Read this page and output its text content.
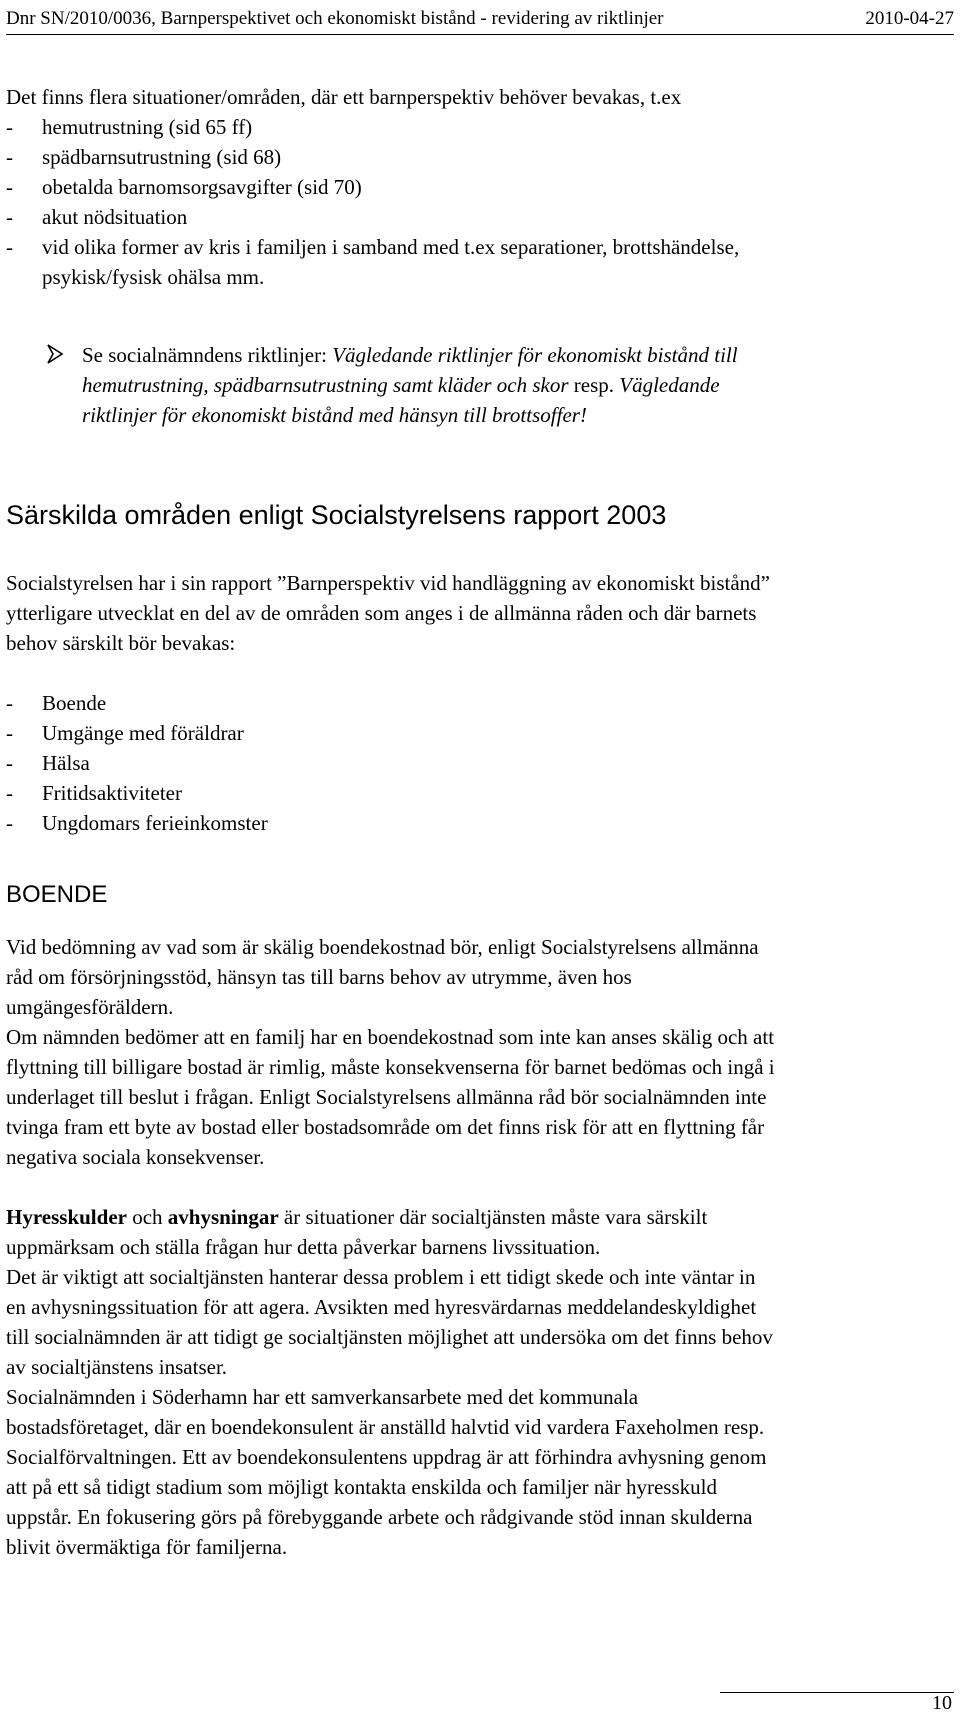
Dnr SN/2010/0036, Barnperspektivet och ekonomiskt bistånd - revidering av riktlinjer	2010-04-27
Det finns flera situationer/områden, där ett barnperspektiv behöver bevakas, t.ex
- hemutrustning (sid 65 ff)
- spädbarnsutrustning (sid 68)
- obetalda barnomsorgsavgifter (sid 70)
- akut nödsituation
- vid olika former av kris i familjen i samband med t.ex separationer, brottshändelse,
psykisk/fysisk ohälsa mm.
Se socialnämndens riktlinjer: Vägledande riktlinjer för ekonomiskt bistånd till
hemutrustning, spädbarnsutrustning samt kläder och skor resp. Vägledande
riktlinjer för ekonomiskt bistånd med hänsyn till brottsoffer!
Särskilda områden enligt Socialstyrelsens rapport 2003
Socialstyrelsen har i sin rapport ”Barnperspektiv vid handläggning av ekonomiskt bistånd”
ytterligare utvecklat en del av de områden som anges i de allmänna råden och där barnets
behov särskilt bör bevakas:
- Boende
- Umgänge med föräldrar
- Hälsa
- Fritidsaktiviteter
- Ungdomars ferieinkomster
BOENDE
Vid bedömning av vad som är skälig boendekostnad bör, enligt Socialstyrelsens allmänna
råd om försörjningsstöd, hänsyn tas till barns behov av utrymme, även hos
umgängesföräldern.
Om nämnden bedömer att en familj har en boendekostnad som inte kan anses skälig och att
flyttning till billigare bostad är rimlig, måste konsekvenserna för barnet bedömas och ingå i
underlaget till beslut i frågan. Enligt Socialstyrelsens allmänna råd bör socialnämnden inte
tvinga fram ett byte av bostad eller bostadsområde om det finns risk för att en flyttning får
negativa sociala konsekvenser.
Hyresskulder och avhysningar är situationer där socialtjänsten måste vara särskilt
uppmärksam och ställa frågan hur detta påverkar barnens livssituation.
Det är viktigt att socialtjänsten hanterar dessa problem i ett tidigt skede och inte väntar in
en avhysningssituation för att agera. Avsikten med hyresvärdarnas meddelandeskyldighet
till socialnämnden är att tidigt ge socialtjänsten möjlighet att undersöka om det finns behov
av socialtjänstens insatser.
Socialnämnden i Söderhamn har ett samverkansarbete med det kommunala
bostadsföretaget, där en boendekonsulent är anställd halvtid vid vardera Faxeholmen resp.
Socialförvaltningen. Ett av boendekonsulentens uppdrag är att förhindra avhysning genom
att på ett så tidigt stadium som möjligt kontakta enskilda och familjer när hyresskuld
uppstår. En fokusering görs på förebyggande arbete och rådgivande stöd innan skulderna
blivit övermäktiga för familjerna.
10
